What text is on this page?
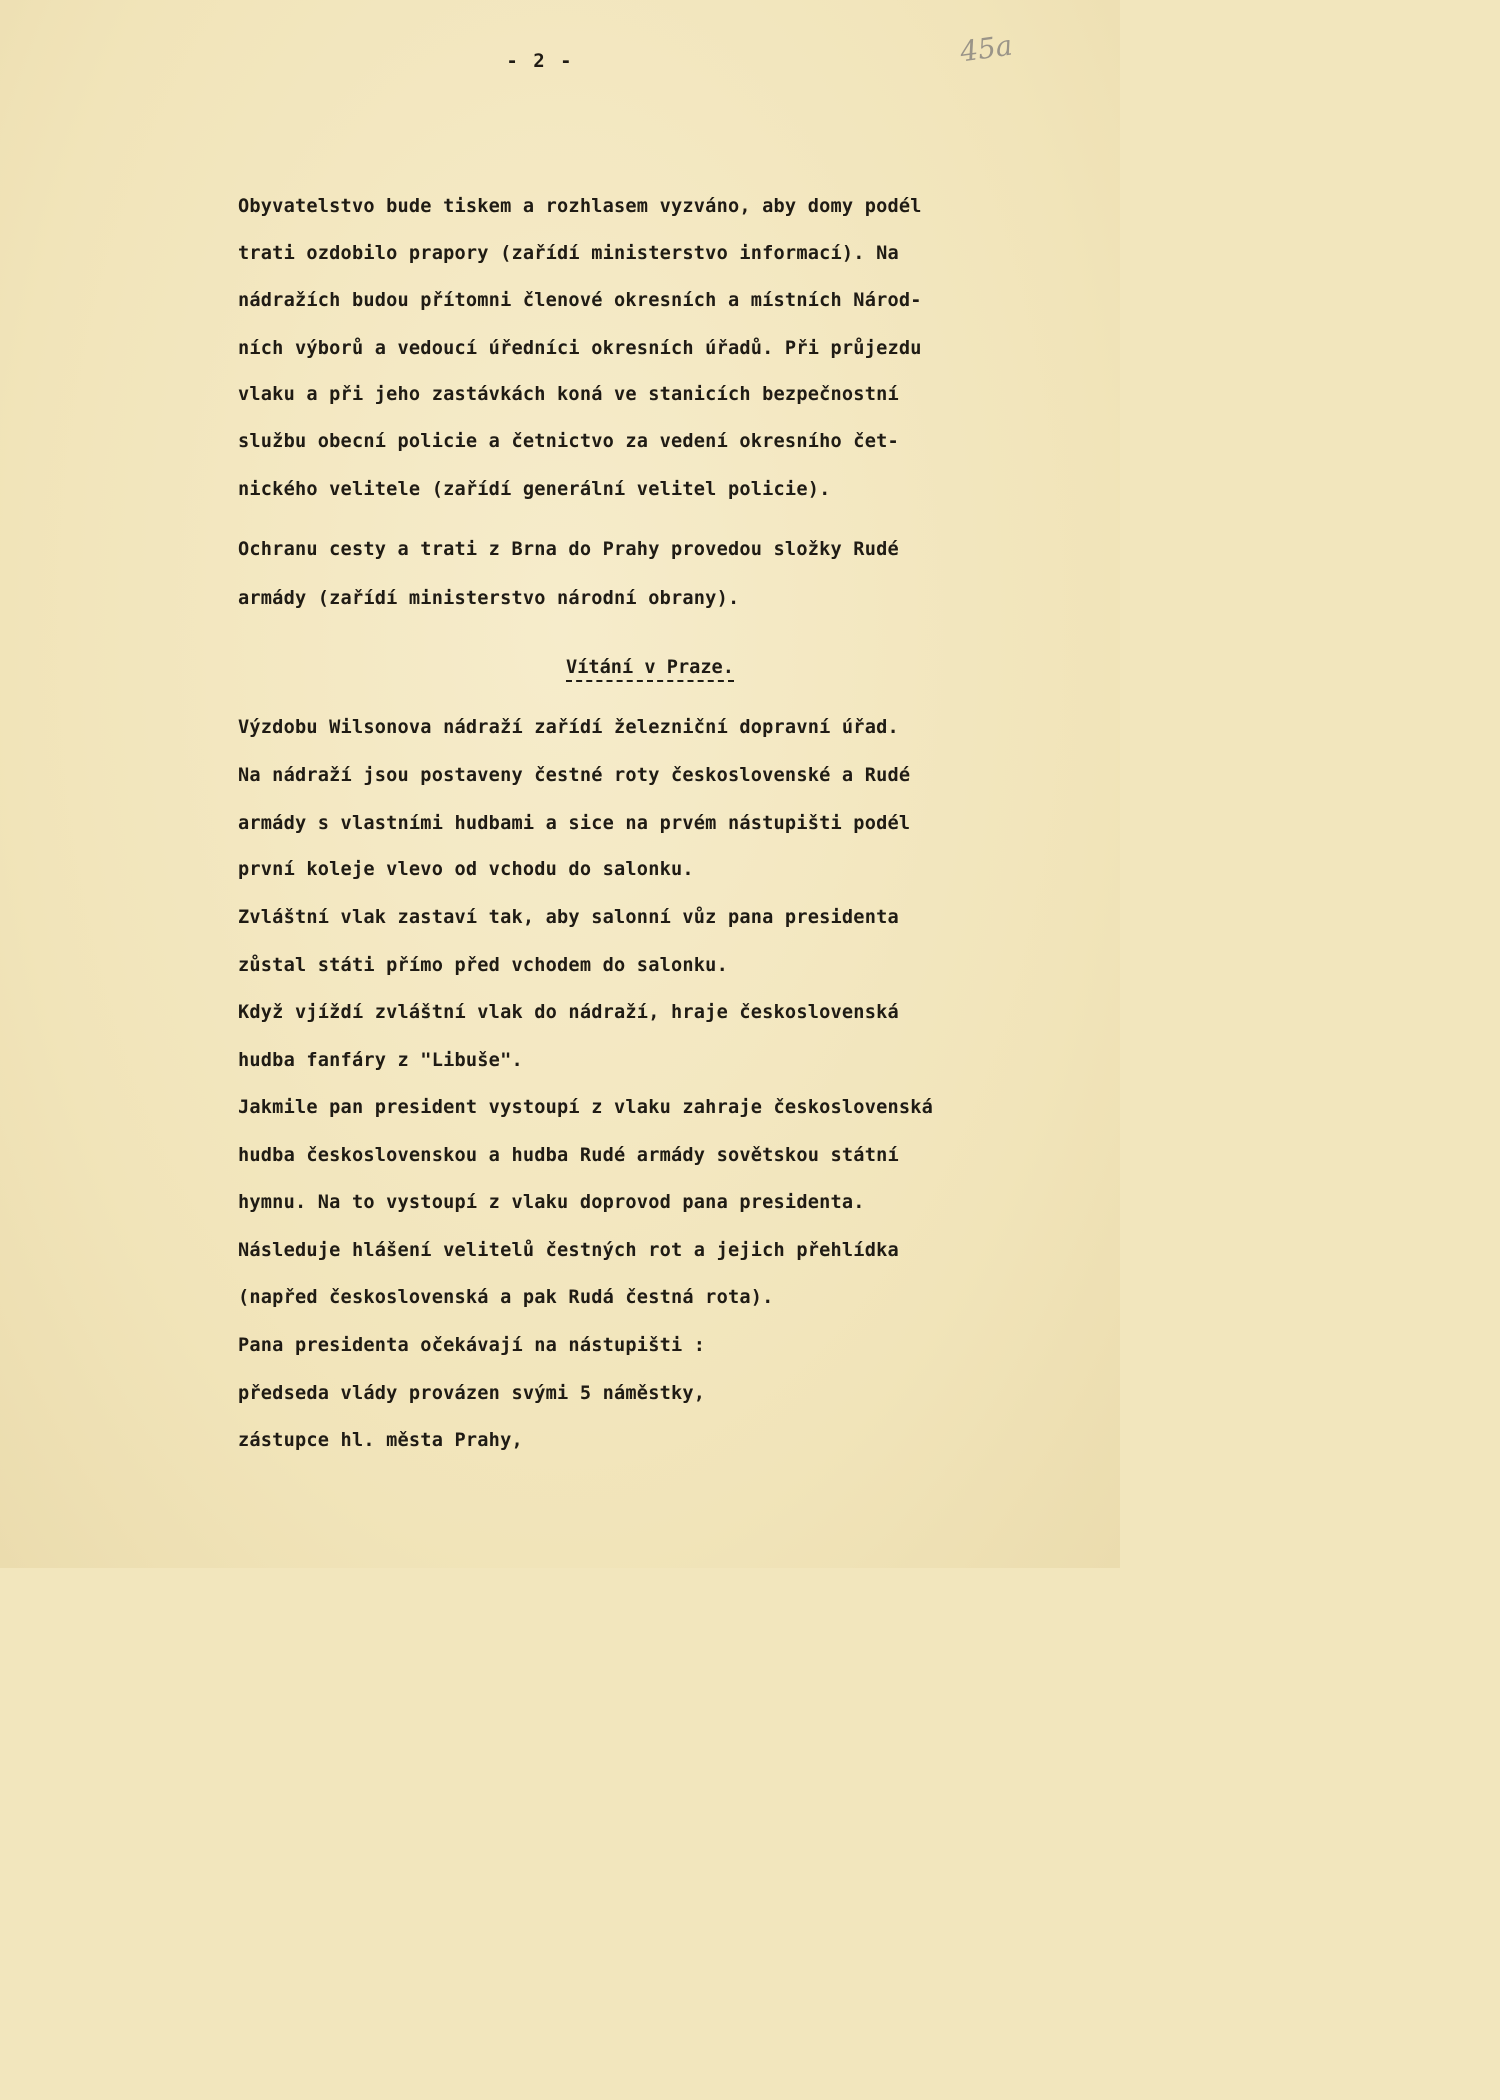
- 2 -	45a
Obyvatelstvo bude tiskem a rozhlasem vyzváno, aby domy podél
trati ozdobilo prapory (zařídí ministerstvo informací). Na
nádražích budou přítomni členové okresních a místních Národ-
ních výborů a vedoucí úředníci okresních úřadů. Při průjezdu
vlaku a při jeho zastávkách koná ve stanicích bezpečnostní
službu obecní policie a četnictvo za vedení okresního čet-
nického velitele (zařídí generální velitel policie).
Ochranu cesty a trati z Brna do Prahy provedou složky Rudé
armády (zařídí ministerstvo národní obrany).
Vítání v Praze.
Výzdobu Wilsonova nádraží zařídí železniční dopravní úřad.
Na nádraží jsou postaveny čestné roty československé a Rudé
armády s vlastními hudbami a sice na prvém nástupišti podél
první koleje vlevo od vchodu do salonku.
Zvláštní vlak zastaví tak, aby salonní vůz pana presidenta
zůstal státi přímo před vchodem do salonku.
Když vjíždí zvláštní vlak do nádraží, hraje československá
hudba fanfáry z "Libuše".
Jakmile pan president vystoupí z vlaku zahraje československá
hudba československou a hudba Rudé armády sovětskou státní
hymnu. Na to vystoupí z vlaku doprovod pana presidenta.
Následuje hlášení velitelů čestných rot a jejich přehlídka
(napřed československá a pak Rudá čestná rota).
Pana presidenta očekávají na nástupišti :
předseda vlády provázen svými 5 náměstky,
zástupce hl. města Prahy,
